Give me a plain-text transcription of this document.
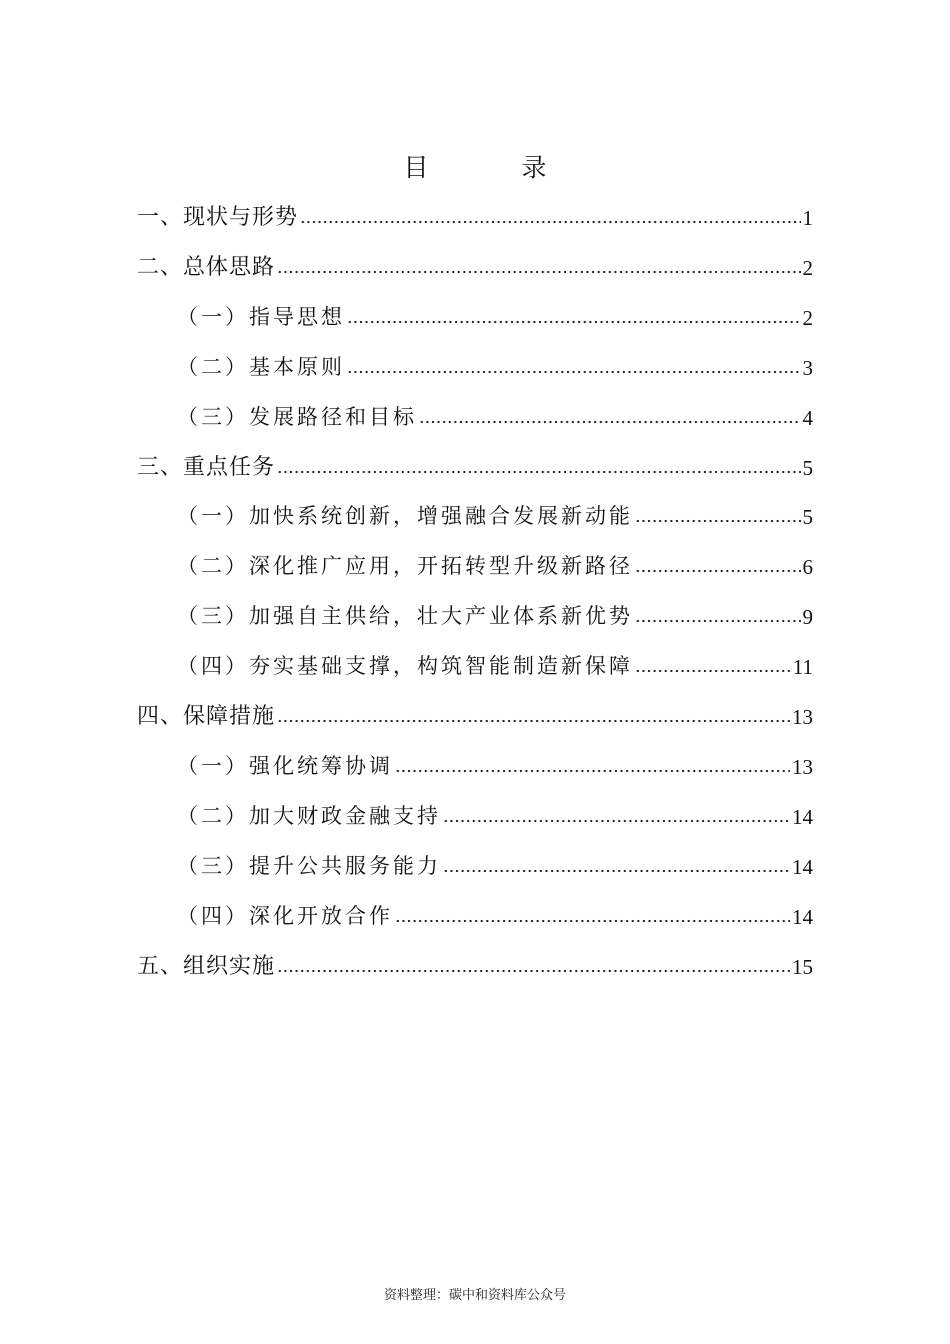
目　录
一、现状与形势	1
二、总体思路	2
（一）指导思想	2
（二）基本原则	3
（三）发展路径和目标	4
三、重点任务	5
（一）加快系统创新，增强融合发展新动能	5
（二）深化推广应用，开拓转型升级新路径	6
（三）加强自主供给，壮大产业体系新优势	9
（四）夯实基础支撑，构筑智能制造新保障	11
四、保障措施	13
（一）强化统筹协调	13
（二）加大财政金融支持	14
（三）提升公共服务能力	14
（四）深化开放合作	14
五、组织实施	15
资料整理：碳中和资料库公众号
